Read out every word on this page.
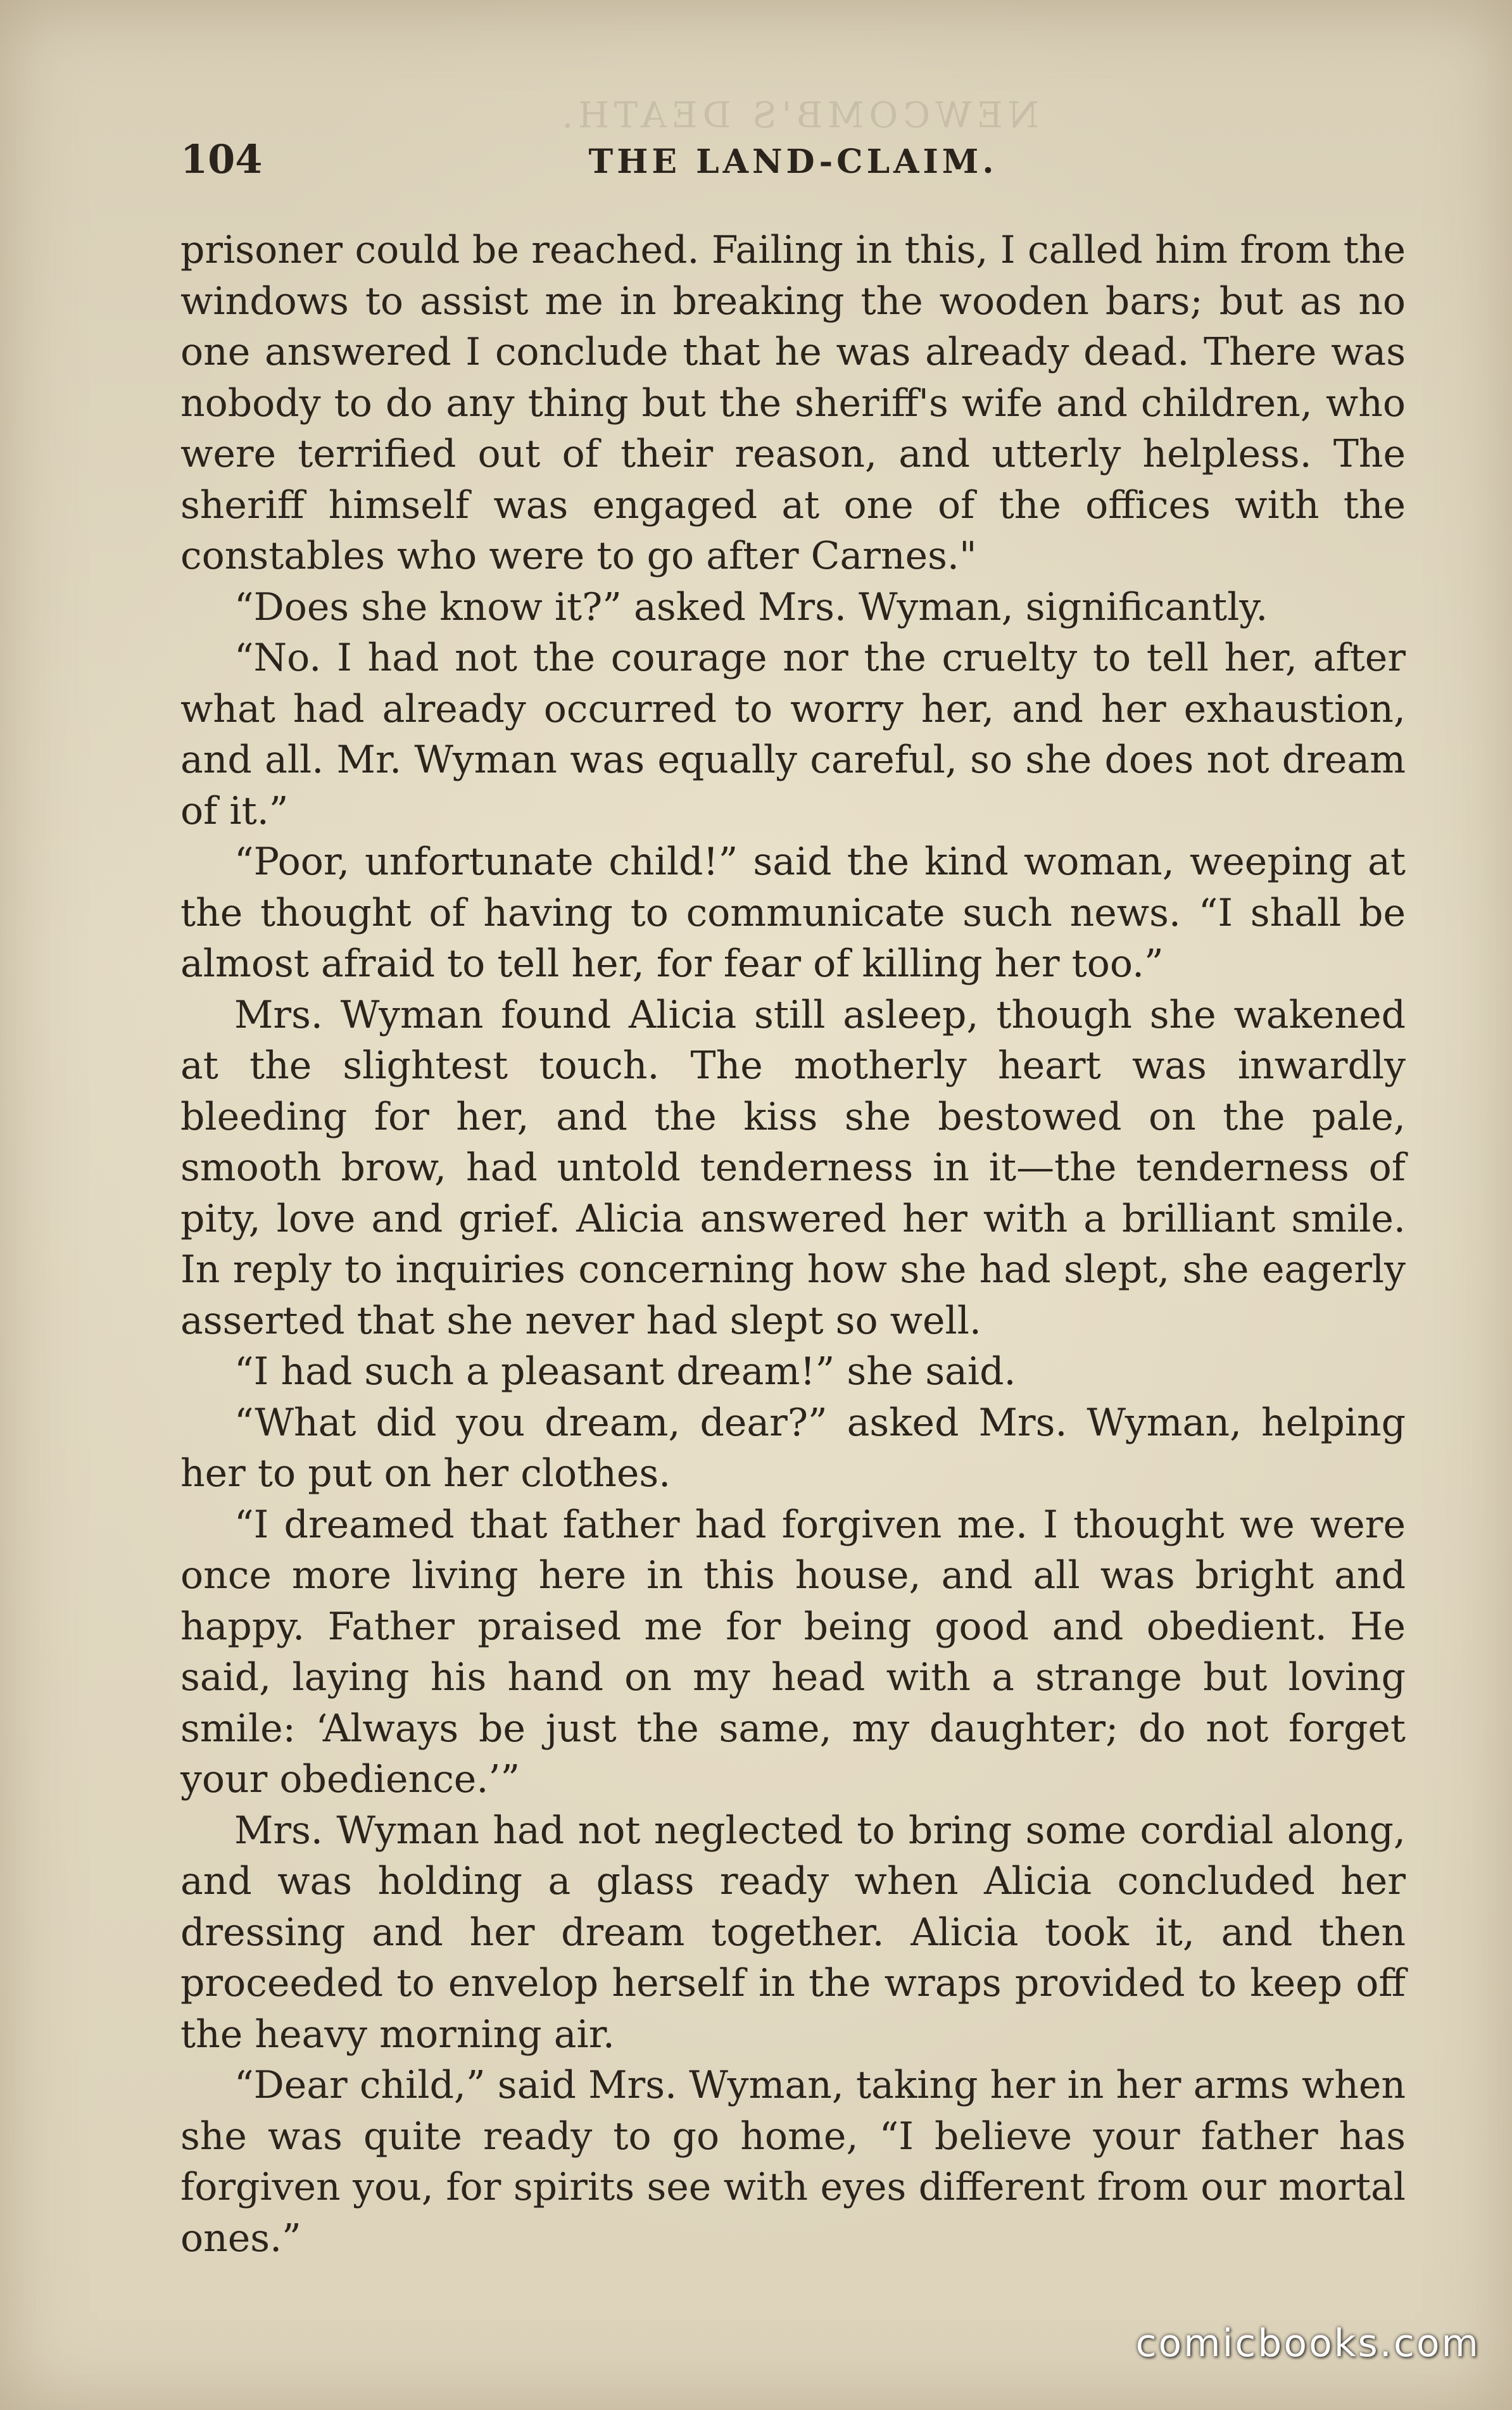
NEWCOMB'S DEATH.
104	THE LAND-CLAIM.

prisoner could be reached. Failing in this, I called him from the windows to assist me in breaking the wooden bars; but as no one answered I conclude that he was already dead. There was nobody to do any thing but the sheriff's wife and children, who were terrified out of their reason, and utterly helpless. The sheriff himself was engaged at one of the offices with the constables who were to go after Carnes."

“Does she know it?” asked Mrs. Wyman, significantly.

“No. I had not the courage nor the cruelty to tell her, after what had already occurred to worry her, and her exhaustion, and all. Mr. Wyman was equally careful, so she does not dream of it.”

“Poor, unfortunate child!” said the kind woman, weeping at the thought of having to communicate such news. “I shall be almost afraid to tell her, for fear of killing her too.”

Mrs. Wyman found Alicia still asleep, though she wakened at the slightest touch. The motherly heart was inwardly bleeding for her, and the kiss she bestowed on the pale, smooth brow, had untold tenderness in it—the tenderness of pity, love and grief. Alicia answered her with a brilliant smile. In reply to inquiries concerning how she had slept, she eagerly asserted that she never had slept so well.

“I had such a pleasant dream!” she said.

“What did you dream, dear?” asked Mrs. Wyman, helping her to put on her clothes.

“I dreamed that father had forgiven me. I thought we were once more living here in this house, and all was bright and happy. Father praised me for being good and obedient. He said, laying his hand on my head with a strange but loving smile: ‘Always be just the same, my daughter; do not forget your obedience.’”

Mrs. Wyman had not neglected to bring some cordial along, and was holding a glass ready when Alicia concluded her dressing and her dream together. Alicia took it, and then proceeded to envelop herself in the wraps provided to keep off the heavy morning air.

“Dear child,” said Mrs. Wyman, taking her in her arms when she was quite ready to go home, “I believe your father has forgiven you, for spirits see with eyes different from our mortal ones.”

comicbooks.com
